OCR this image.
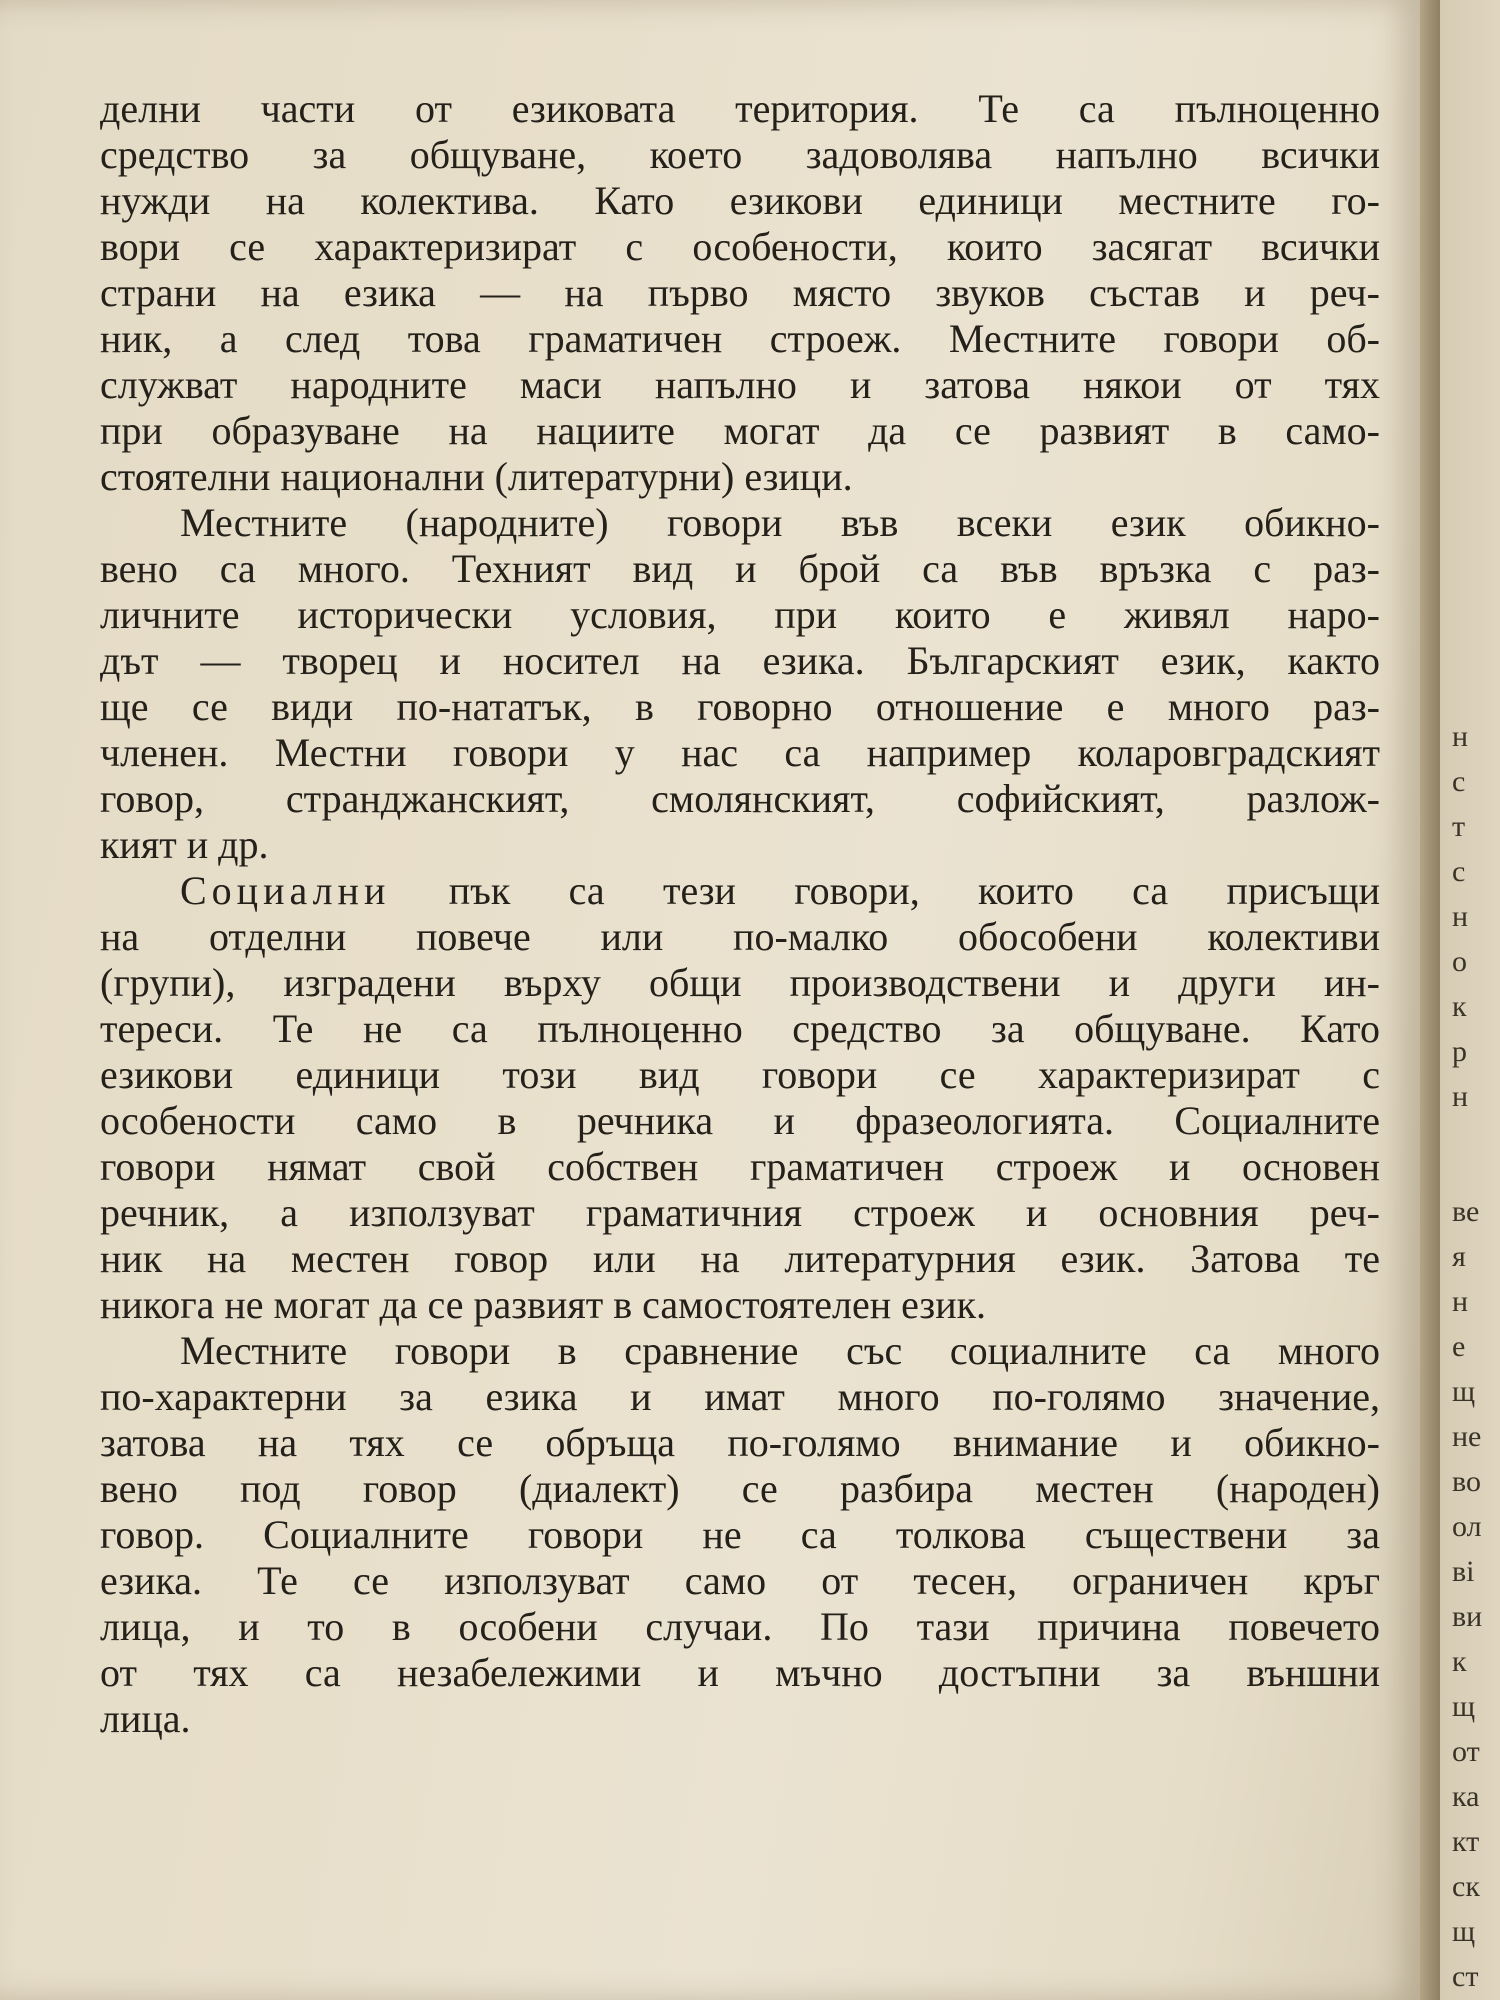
делни части от езиковата територия. Те са пълноценно
средство за общуване, което задоволява напълно всички
нужди на колектива. Като езикови единици местните го-
вори се характеризират с особености, които засягат всички
страни на езика — на първо място звуков състав и реч-
ник, а след това граматичен строеж. Местните говори об-
служват народните маси напълно и затова някои от тях
при образуване на нациите могат да се развият в само-
стоятелни национални (литературни) езици.

Местните (народните) говори във всеки език обикно-
вено са много. Техният вид и брой са във връзка с раз-
личните исторически условия, при които е живял наро-
дът — творец и носител на езика. Българският език, както
ще се види по-нататък, в говорно отношение е много раз-
членен. Местни говори у нас са например коларовградският
говор, странджанският, смолянският, софийският, разлож-
кият и др.

Социални пък са тези говори, които са присъщи
на отделни повече или по-малко обособени колективи
(групи), изградени върху общи производствени и други ин-
тереси. Те не са пълноценно средство за общуване. Като
езикови единици този вид говори се характеризират с
особености само в речника и фразеологията. Социалните
говори нямат свой собствен граматичен строеж и основен
речник, а използуват граматичния строеж и основния реч-
ник на местен говор или на литературния език. Затова те
никога не могат да се развият в самостоятелен език.

Местните говори в сравнение със социалните са много
по-характерни за езика и имат много по-голямо значение,
затова на тях се обръща по-голямо внимание и обикно-
вено под говор (диалект) се разбира местен (народен)
говор. Социалните говори не са толкова съществени за
езика. Те се използуват само от тесен, ограничен кръг
лица, и то в особени случаи. По тази причина повечето
от тях са незабележими и мъчно достъпни за външни
лица.

н
с
т
с
н
о
к
р
н
ве
я
н
е
щ
не
во
ол
ві
ви
к
щ
от
ка
кт
ск
щ
ст
